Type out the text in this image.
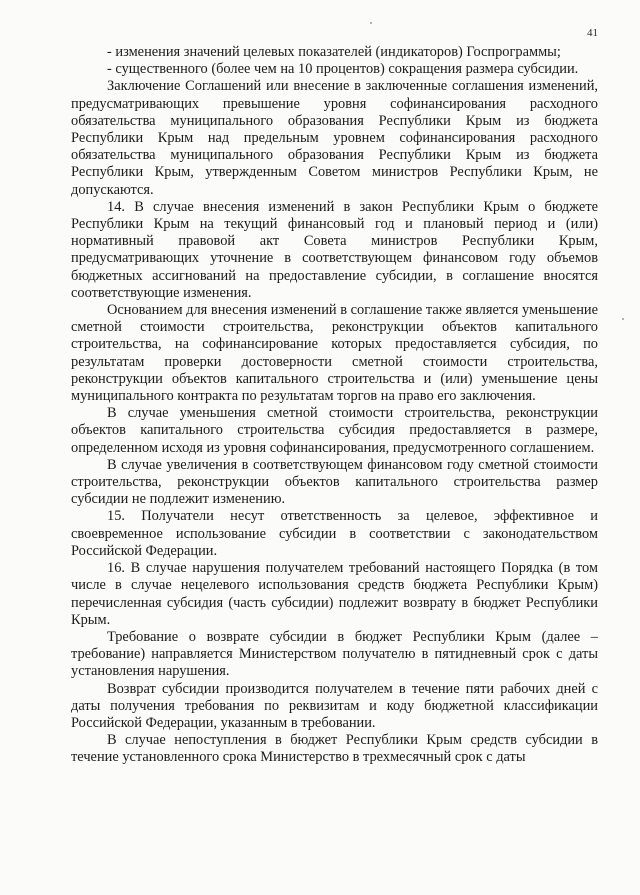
41

- изменения значений целевых показателей (индикаторов) Госпрограммы;

- существенного (более чем на 10 процентов) сокращения размера субсидии.

Заключение Соглашений или внесение в заключенные соглашения изменений, предусматривающих превышение уровня софинансирования расходного обязательства муниципального образования Республики Крым из бюджета Республики Крым над предельным уровнем софинансирования расходного обязательства муниципального образования Республики Крым из бюджета Республики Крым, утвержденным Советом министров Республики Крым, не допускаются.

14. В случае внесения изменений в закон Республики Крым о бюджете Республики Крым на текущий финансовый год и плановый период и (или) нормативный правовой акт Совета министров Республики Крым, предусматривающих уточнение в соответствующем финансовом году объемов бюджетных ассигнований на предоставление субсидии, в соглашение вносятся соответствующие изменения.

Основанием для внесения изменений в соглашение также является уменьшение сметной стоимости строительства, реконструкции объектов капитального строительства, на софинансирование которых предоставляется субсидия, по результатам проверки достоверности сметной стоимости строительства, реконструкции объектов капитального строительства и (или) уменьшение цены муниципального контракта по результатам торгов на право его заключения.

В случае уменьшения сметной стоимости строительства, реконструкции объектов капитального строительства субсидия предоставляется в размере, определенном исходя из уровня софинансирования, предусмотренного соглашением.

В случае увеличения в соответствующем финансовом году сметной стоимости строительства, реконструкции объектов капитального строительства размер субсидии не подлежит изменению.

15. Получатели несут ответственность за целевое, эффективное и своевременное использование субсидии в соответствии с законодательством Российской Федерации.

16. В случае нарушения получателем требований настоящего Порядка (в том числе в случае нецелевого использования средств бюджета Республики Крым) перечисленная субсидия (часть субсидии) подлежит возврату в бюджет Республики Крым.

Требование о возврате субсидии в бюджет Республики Крым (далее – требование) направляется Министерством получателю в пятидневный срок с даты установления нарушения.

Возврат субсидии производится получателем в течение пяти рабочих дней с даты получения требования по реквизитам и коду бюджетной классификации Российской Федерации, указанным в требовании.

В случае непоступления в бюджет Республики Крым средств субсидии в течение установленного срока Министерство в трехмесячный срок с даты
